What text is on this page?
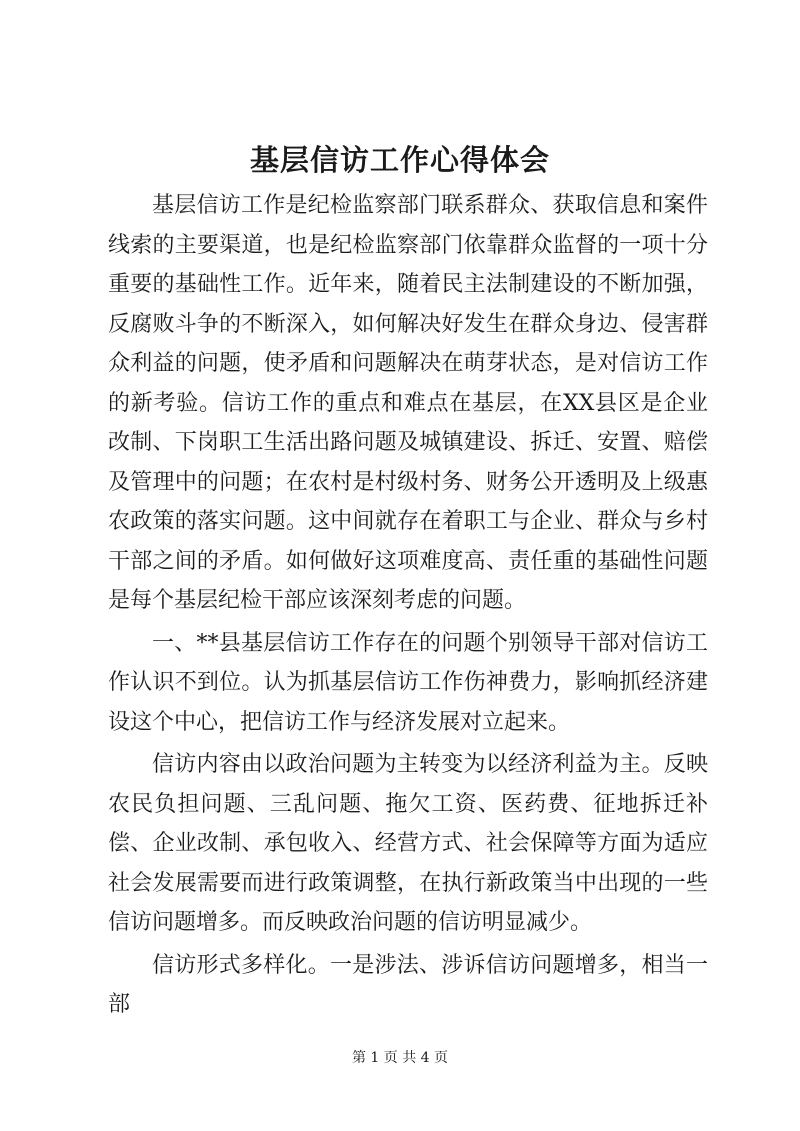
基层信访工作心得体会

基层信访工作是纪检监察部门联系群众、获取信息和案件线索的主要渠道，也是纪检监察部门依靠群众监督的一项十分重要的基础性工作。近年来，随着民主法制建设的不断加强，反腐败斗争的不断深入，如何解决好发生在群众身边、侵害群众利益的问题，使矛盾和问题解决在萌芽状态，是对信访工作的新考验。信访工作的重点和难点在基层，在XX县区是企业改制、下岗职工生活出路问题及城镇建设、拆迁、安置、赔偿及管理中的问题；在农村是村级村务、财务公开透明及上级惠农政策的落实问题。这中间就存在着职工与企业、群众与乡村干部之间的矛盾。如何做好这项难度高、责任重的基础性问题是每个基层纪检干部应该深刻考虑的问题。

一、**县基层信访工作存在的问题个别领导干部对信访工作认识不到位。认为抓基层信访工作伤神费力，影响抓经济建设这个中心，把信访工作与经济发展对立起来。

信访内容由以政治问题为主转变为以经济利益为主。反映农民负担问题、三乱问题、拖欠工资、医药费、征地拆迁补偿、企业改制、承包收入、经营方式、社会保障等方面为适应社会发展需要而进行政策调整，在执行新政策当中出现的一些信访问题增多。而反映政治问题的信访明显减少。

信访形式多样化。一是涉法、涉诉信访问题增多，相当一部

第 1 页 共 4 页
